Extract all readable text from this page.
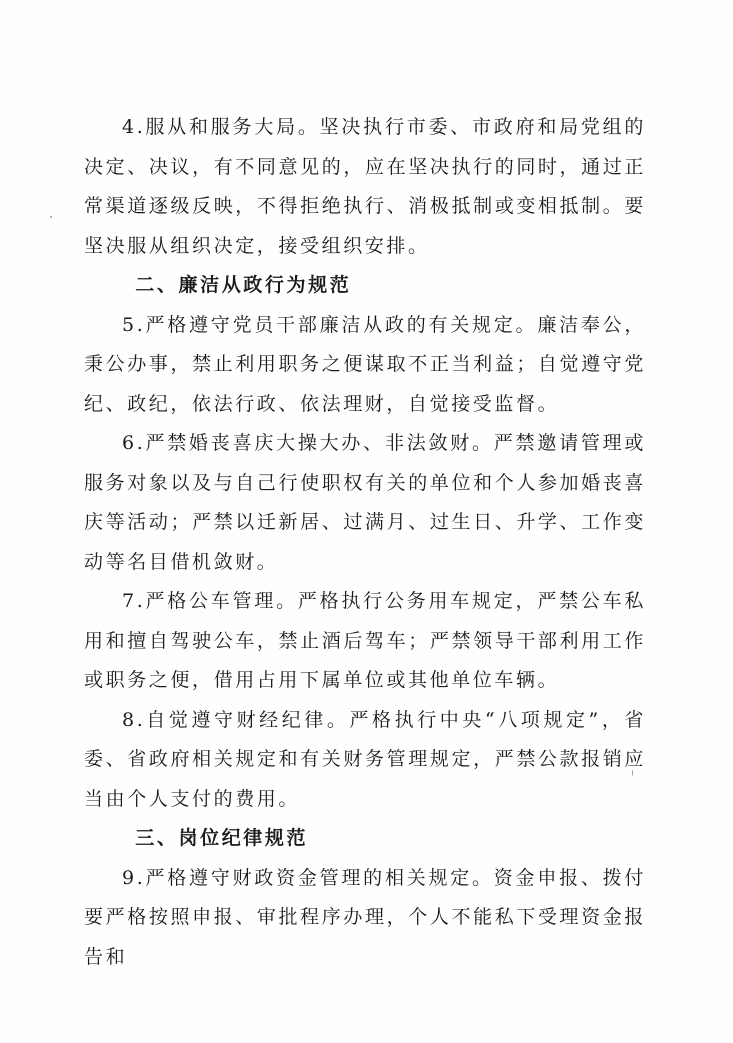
4.服从和服务大局。坚决执行市委、市政府和局党组的决定、决议，有不同意见的，应在坚决执行的同时，通过正常渠道逐级反映，不得拒绝执行、消极抵制或变相抵制。要坚决服从组织决定，接受组织安排。

二、廉洁从政行为规范

5.严格遵守党员干部廉洁从政的有关规定。廉洁奉公，秉公办事，禁止利用职务之便谋取不正当利益；自觉遵守党纪、政纪，依法行政、依法理财，自觉接受监督。

6.严禁婚丧喜庆大操大办、非法敛财。严禁邀请管理或服务对象以及与自己行使职权有关的单位和个人参加婚丧喜庆等活动；严禁以迁新居、过满月、过生日、升学、工作变动等名目借机敛财。

7.严格公车管理。严格执行公务用车规定，严禁公车私用和擅自驾驶公车，禁止酒后驾车；严禁领导干部利用工作或职务之便，借用占用下属单位或其他单位车辆。

8.自觉遵守财经纪律。严格执行中央“八项规定”，省委、省政府相关规定和有关财务管理规定，严禁公款报销应当由个人支付的费用。

三、岗位纪律规范

9.严格遵守财政资金管理的相关规定。资金申报、拨付要严格按照申报、审批程序办理，个人不能私下受理资金报告和
